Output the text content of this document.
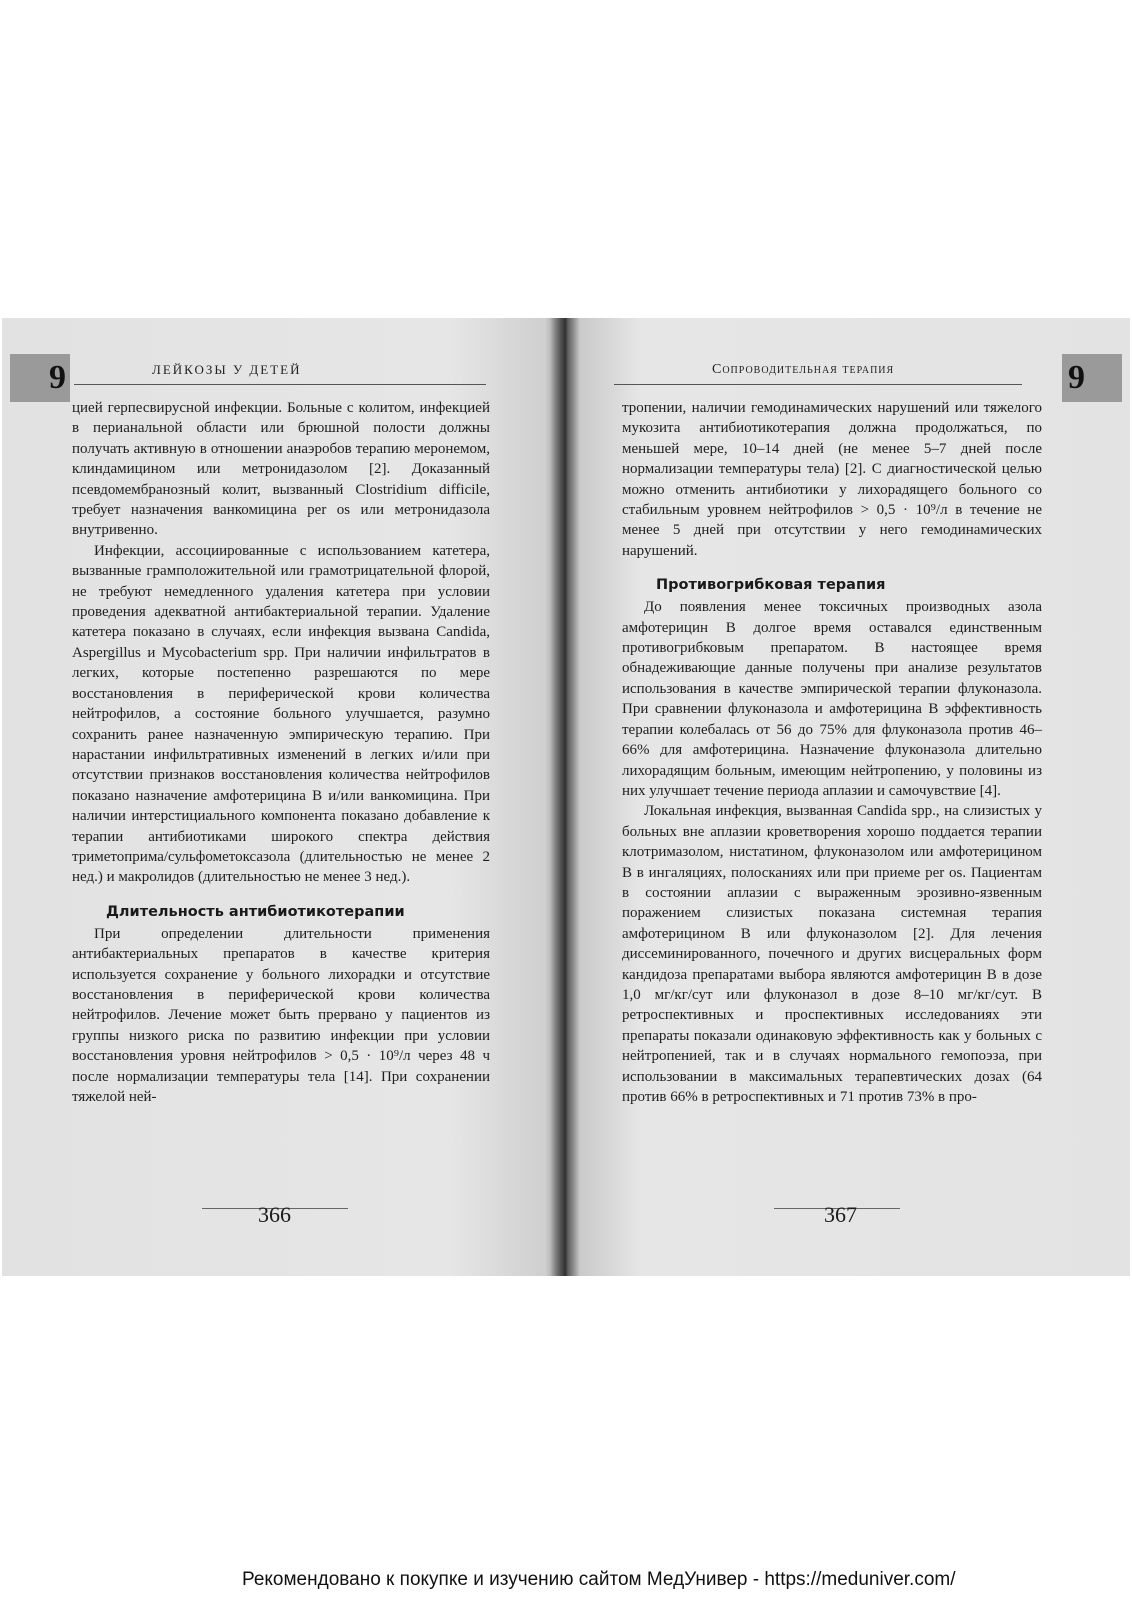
9	ЛЕЙКОЗЫ У ДЕТЕЙ

цией герпесвирусной инфекции. Больные с колитом, инфекцией в перианальной области или брюшной полости должны получать активную в отношении анаэробов терапию меронемом, клиндамицином или метронидазолом [2]. Доказанный псевдомембранозный колит, вызванный Clostridium difficile, требует назначения ванкомицина per os или метронидазола внутривенно.

Инфекции, ассоциированные с использованием катетера, вызванные грамположительной или грамотрицательной флорой, не требуют немедленного удаления катетера при условии проведения адекватной антибактериальной терапии. Удаление катетера показано в случаях, если инфекция вызвана Candida, Aspergillus и Mycobacterium spp. При наличии инфильтратов в легких, которые постепенно разрешаются по мере восстановления в периферической крови количества нейтрофилов, а состояние больного улучшается, разумно сохранить ранее назначенную эмпирическую терапию. При нарастании инфильтративных изменений в легких и/или при отсутствии признаков восстановления количества нейтрофилов показано назначение амфотерицина В и/или ванкомицина. При наличии интерстициального компонента показано добавление к терапии антибиотиками широкого спектра действия триметоприма/сульфометоксазола (длительностью не менее 2 нед.) и макролидов (длительностью не менее 3 нед.).

Длительность антибиотикотерапии

При определении длительности применения антибактериальных препаратов в качестве критерия используется сохранение у больного лихорадки и отсутствие восстановления в периферической крови количества нейтрофилов. Лечение может быть прервано у пациентов из группы низкого риска по развитию инфекции при условии восстановления уровня нейтрофилов > 0,5 · 10⁹/л через 48 ч после нормализации температуры тела [14]. При сохранении тяжелой ней-

366
9
Сопроводительная терапия

тропении, наличии гемодинамических нарушений или тяжелого мукозита антибиотикотерапия должна продолжаться, по меньшей мере, 10–14 дней (не менее 5–7 дней после нормализации температуры тела) [2]. С диагностической целью можно отменить антибиотики у лихорадящего больного со стабильным уровнем нейтрофилов > 0,5 · 10⁹/л в течение не менее 5 дней при отсутствии у него гемодинамических нарушений.

Противогрибковая терапия

До появления менее токсичных производных азола амфотерицин В долгое время оставался единственным противогрибковым препаратом. В настоящее время обнадеживающие данные получены при анализе результатов использования в качестве эмпирической терапии флуконазола. При сравнении флуконазола и амфотерицина В эффективность терапии колебалась от 56 до 75% для флуконазола против 46–66% для амфотерицина. Назначение флуконазола длительно лихорадящим больным, имеющим нейтропению, у половины из них улучшает течение периода аплазии и самочувствие [4].

Локальная инфекция, вызванная Candida spp., на слизистых у больных вне аплазии кроветворения хорошо поддается терапии клотримазолом, нистатином, флуконазолом или амфотерицином В в ингаляциях, полосканиях или при приеме per os. Пациентам в состоянии аплазии с выраженным эрозивно-язвенным поражением слизистых показана системная терапия амфотерицином В или флуконазолом [2]. Для лечения диссеминированного, почечного и других висцеральных форм кандидоза препаратами выбора являются амфотерицин В в дозе 1,0 мг/кг/сут или флуконазол в дозе 8–10 мг/кг/сут. В ретроспективных и проспективных исследованиях эти препараты показали одинаковую эффективность как у больных с нейтропенией, так и в случаях нормального гемопоэза, при использовании в максимальных терапевтических дозах (64 против 66% в ретроспективных и 71 против 73% в про-

367
Рекомендовано к покупке и изучению сайтом МедУнивер - https://meduniver.com/
